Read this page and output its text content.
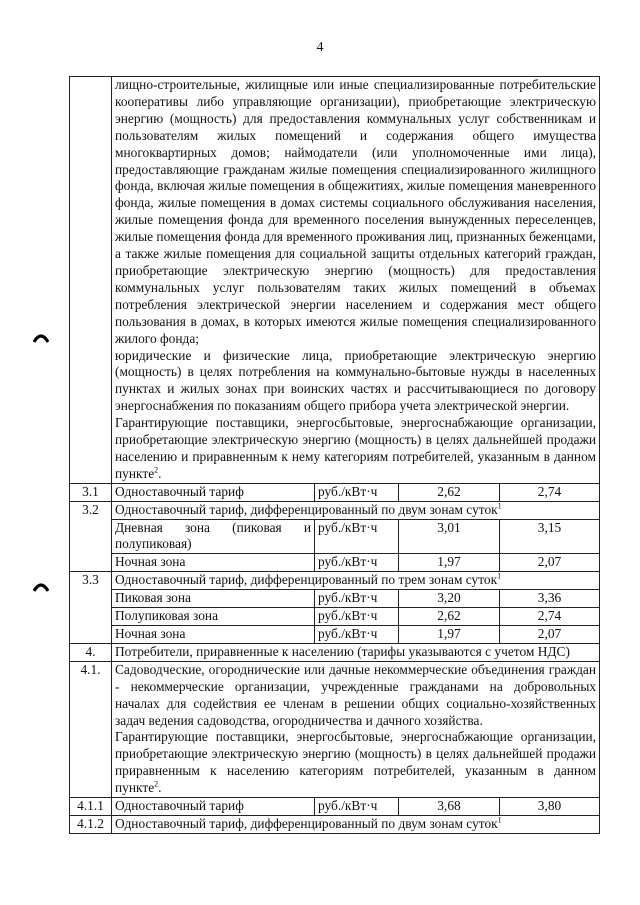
4

	лищно-строительные, жилищные или иные специализированные потребительские кооперативы либо управляющие организации), приобретающие электрическую энергию (мощность) для предоставления коммунальных услуг собственникам и пользователям жилых помещений и содержания общего имущества многоквартирных домов; наймодатели (или уполномоченные ими лица), предоставляющие гражданам жилые помещения специализированного жилищного фонда, включая жилые помещения в общежитиях, жилые помещения маневренного фонда, жилые помещения в домах системы социального обслуживания населения, жилые помещения фонда для временного поселения вынужденных переселенцев, жилые помещения фонда для временного проживания лиц, признанных беженцами, а также жилые помещения для социальной защиты отдельных категорий граждан, приобретающие электрическую энергию (мощность) для предоставления коммунальных услуг пользователям таких жилых помещений в объемах потребления электрической энергии населением и содержания мест общего пользования в домах, в которых имеются жилые помещения специализированного жилого фонда;
юридические и физические лица, приобретающие электрическую энергию (мощность) в целях потребления на коммунально-бытовые нужды в населенных пунктах и жилых зонах при воинских частях и рассчитывающиеся по договору энергоснабжения по показаниям общего прибора учета электрической энергии.
Гарантирующие поставщики, энергосбытовые, энергоснабжающие организации, приобретающие электрическую энергию (мощность) в целях дальнейшей продажи населению и приравненным к нему категориям потребителей, указанным в данном пункте$^2$.			

3.1	Одноставочный тариф	руб./кВт·ч	2,62	2,74
3.2	Одноставочный тариф, дифференцированный по двум зонам суток$^1$
	Дневная зона (пиковая и полупиковая)	руб./кВт·ч	3,01	3,15
	Ночная зона	руб./кВт·ч	1,97	2,07
3.3	Одноставочный тариф, дифференцированный по трем зонам суток$^1$
	Пиковая зона	руб./кВт·ч	3,20	3,36
	Полупиковая зона	руб./кВт·ч	2,62	2,74
	Ночная зона	руб./кВт·ч	1,97	2,07
4.	Потребители, приравненные к населению (тарифы указываются с учетом НДС)			
4.1.	Садоводческие, огороднические или дачные некоммерческие объединения граждан - некоммерческие организации, учрежденные гражданами на добровольных началах для содействия ее членам в решении общих социально-хозяйственных задач ведения садоводства, огородничества и дачного хозяйства.
Гарантирующие поставщики, энергосбытовые, энергоснабжающие организации, приобретающие электрическую энергию (мощность) в целях дальнейшей продажи приравненным к населению категориям потребителей, указанным в данном пункте$^2$.			

4.1.1	Одноставочный тариф	руб./кВт·ч	3,68	3,80
4.1.2	Одноставочный тариф, дифференцированный по двум зонам суток$^1$
